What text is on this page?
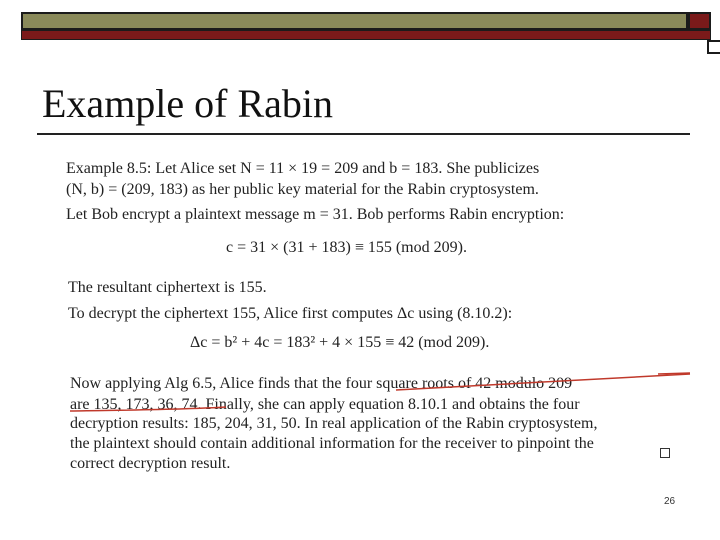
Example of Rabin
Example 8.5: Let Alice set N = 11 × 19 = 209 and b = 183. She publicizes
(N, b) = (209, 183) as her public key material for the Rabin cryptosystem.
Let Bob encrypt a plaintext message m = 31. Bob performs Rabin encryption:
c = 31 × (31 + 183) ≡ 155 (mod 209).
The resultant ciphertext is 155.
To decrypt the ciphertext 155, Alice first computes Δc using (8.10.2):
Δc = b² + 4c = 183² + 4 × 155 ≡ 42 (mod 209).
Now applying Alg 6.5, Alice finds that the four square roots of 42 modulo 209
are 135, 173, 36, 74. Finally, she can apply equation 8.10.1 and obtains the four
decryption results: 185, 204, 31, 50. In real application of the Rabin cryptosystem,
the plaintext should contain additional information for the receiver to pinpoint the
correct decryption result.
26
